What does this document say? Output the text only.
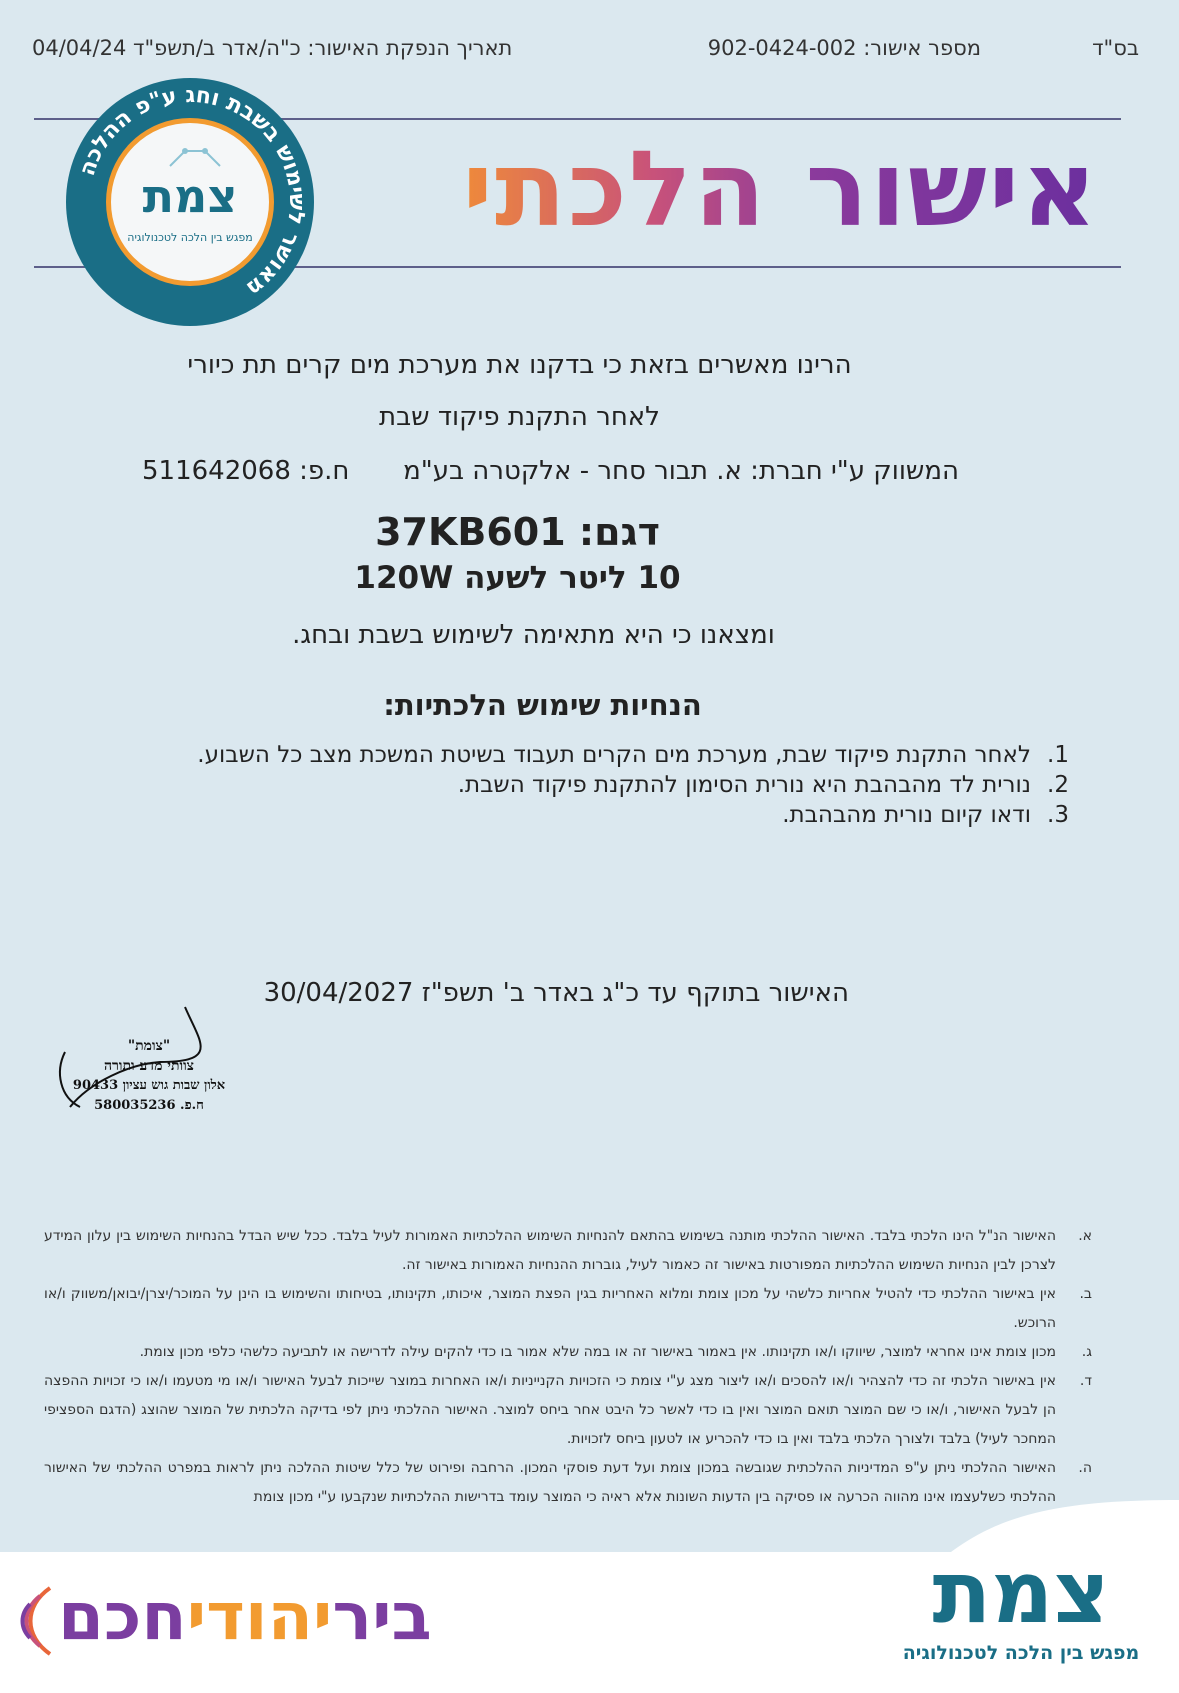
בס"ד
מספר אישור: 902-0424-002
תאריך הנפקת האישור: כ"ה/אדר ב/תשפ"ד 04/04/24
אישור הלכתי
מאושר לשימוש בשבת וחג ע"פ ההלכה
צמת
מפגש בין הלכה לטכנולוגיה
הרינו מאשרים בזאת כי בדקנו את מערכת מים קרים תת כיורי
לאחר התקנת פיקוד שבת
המשווק ע"י חברת: א. תבור סחר - אלקטרה בע"מ
ח.פ: 511642068
דגם: 37KB601
10 ליטר לשעה 120W
ומצאנו כי היא מתאימה לשימוש בשבת ובחג.
הנחיות שימוש הלכתיות:
1.
לאחר התקנת פיקוד שבת, מערכת מים הקרים תעבוד בשיטת המשכת מצב כל השבוע.
2.
נורית לד מהבהבת היא נורית הסימון להתקנת פיקוד השבת.
3.
ודאו קיום נורית מהבהבת.
האישור בתוקף עד כ"ג באדר ב' תשפ"ז 30/04/2027
"צומת"
צוותי מדע ותורה
אלון שבות גוש עציון 90433
ח.פ. 580035236
א.
האישור הנ"ל הינו הלכתי בלבד. האישור ההלכתי מותנה בשימוש בהתאם להנחיות השימוש ההלכתיות האמורות לעיל בלבד. ככל שיש הבדל בהנחיות השימוש בין עלון המידע לצרכן לבין הנחיות השימוש ההלכתיות המפורטות באישור זה כאמור לעיל, גוברות ההנחיות האמורות באישור זה.
ב.
אין באישור ההלכתי כדי להטיל אחריות כלשהי על מכון צומת ומלוא האחריות בגין הפצת המוצר, איכותו, תקינותו, בטיחותו והשימוש בו הינן על המוכר/יצרן/יבואן/משווק ו/או הרוכש.
ג.
מכון צומת אינו אחראי למוצר, שיווקו ו/או תקינותו. אין באמור באישור זה או במה שלא אמור בו כדי להקים עילה לדרישה או לתביעה כלשהי כלפי מכון צומת.
ד.
אין באישור הלכתי זה כדי להצהיר ו/או להסכים ו/או ליצור מצג ע"י צומת כי הזכויות הקנייניות ו/או האחרות במוצר שייכות לבעל האישור ו/או מי מטעמו ו/או כי זכויות ההפצה הן לבעל האישור, ו/או כי שם המוצר תואם המוצר ואין בו כדי לאשר כל היבט אחר ביחס למוצר. האישור ההלכתי ניתן לפי בדיקה הלכתית של המוצר שהוצג (הדגם הספציפי המחכר לעיל) בלבד ולצורך הלכתי בלבד ואין בו כדי להכריע או לטעון ביחס לזכויות.
ה.
האישור ההלכתי ניתן ע"פ המדיניות ההלכתית שגובשה במכון צומת ועל דעת פוסקי המכון. הרחבה ופירוט של כלל שיטות ההלכה ניתן לראות במפרט ההלכתי של האישור ההלכתי כשלעצמו אינו מהווה הכרעה או פסיקה בין הדעות השונות אלא ראיה כי המוצר עומד בדרישות ההלכתיות שנקבעו ע"י מכון צומת
צמת
מפגש בין הלכה לטכנולוגיה
ביריהודיחכם
